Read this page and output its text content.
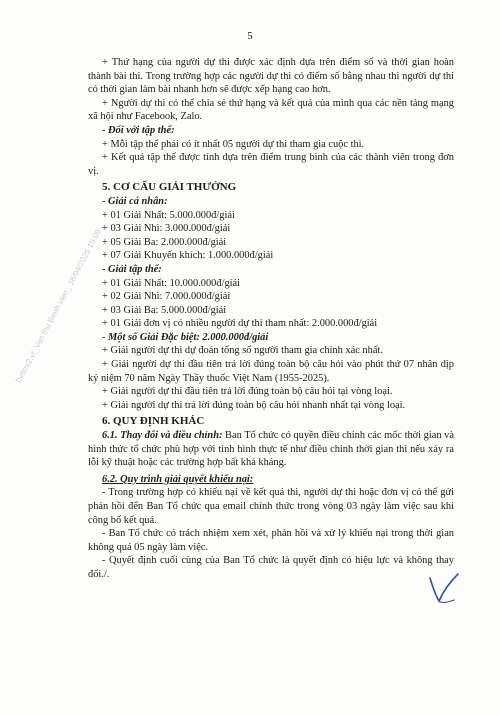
5
hvttnv2.vt_Van thu Benh vien_ 18/04/2025 15:09 ...

+ Thứ hạng của người dự thi được xác định dựa trên điểm số và thời gian hoàn thành bài thi. Trong trường hợp các người dự thi có điểm số bằng nhau thì người dự thi có thời gian làm bài nhanh hơn sẽ được xếp hạng cao hơn.

+ Người dự thi có thể chia sẻ thứ hạng và kết quả của mình qua các nền tảng mạng xã hội như Facebook, Zalo.

- Đối với tập thể:

+ Mỗi tập thể phải có ít nhất 05 người dự thi tham gia cuộc thi.

+ Kết quả tập thể được tính dựa trên điểm trung bình của các thành viên trong đơn vị.

5. CƠ CẤU GIẢI THƯỞNG

- Giải cá nhân:

+ 01 Giải Nhất: 5.000.000đ/giải

+ 03 Giải Nhì: 3.000.000đ/giải

+ 05 Giải Ba: 2.000.000đ/giải

+ 07 Giải Khuyến khích: 1.000.000đ/giải

- Giải tập thể:

+ 01 Giải Nhất: 10.000.000đ/giải

+ 02 Giải Nhì: 7.000.000đ/giải

+ 03 Giải Ba: 5.000.000đ/giải

+ 01 Giải đơn vị có nhiều người dự thi tham nhất: 2.000.000đ/giải

- Một số Giải Đặc biệt: 2.000.000đ/giải

+ Giải người dự thi dự đoán tổng số người tham gia chính xác nhất.

+ Giải người dự thi đầu tiên trả lời đúng toàn bộ câu hỏi vào phút thứ 07 nhân dịp kỷ niệm 70 năm Ngày Thầy thuốc Việt Nam (1955-2025).

+ Giải người dự thi đầu tiên trả lời đúng toàn bộ câu hỏi tại vòng loại.

+ Giải người dự thi trả lời đúng toàn bộ câu hỏi nhanh nhất tại vòng loại.

6. QUY ĐỊNH KHÁC

6.1. Thay đổi và điều chỉnh: Ban Tổ chức có quyền điều chỉnh các mốc thời gian và hình thức tổ chức phù hợp với tình hình thực tế như điều chỉnh thời gian thi nếu xảy ra lỗi kỹ thuật hoặc các trường hợp bất khả kháng.

6.2. Quy trình giải quyết khiếu nại:

- Trong trường hợp có khiếu nại về kết quả thi, người dự thi hoặc đơn vị có thể gửi phản hồi đến Ban Tổ chức qua email chính thức trong vòng 03 ngày làm việc sau khi công bố kết quả.

- Ban Tổ chức có trách nhiệm xem xét, phản hồi và xử lý khiếu nại trong thời gian không quá 05 ngày làm việc.

- Quyết định cuối cùng của Ban Tổ chức là quyết định có hiệu lực và không thay đổi./.
